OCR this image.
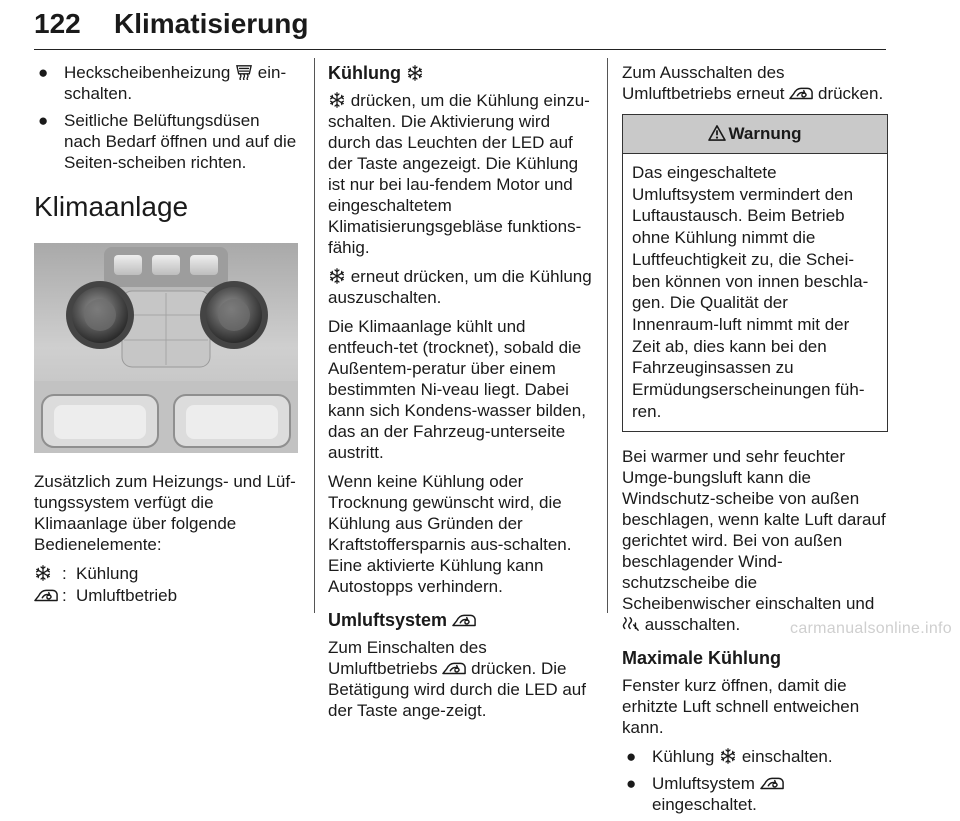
122 Klimatisierung
● Heckscheibenheizung  ein-schalten.
● Seitliche Belüftungsdüsen nach Bedarf öffnen und auf die Seiten-scheiben richten.
Klimaanlage

Zusätzlich zum Heizungs- und Lüf-tungssystem verfügt die Klimaanlage über folgende Bedienelemente:

: Kühlung
: Umluftbetrieb
Kühlung

drücken, um die Kühlung einzu-schalten. Die Aktivierung wird durch das Leuchten der LED auf der Taste angezeigt. Die Kühlung ist nur bei lau-fendem Motor und eingeschaltetem Klimatisierungsgebläse funktions-fähig.

erneut drücken, um die Kühlung auszuschalten.

Die Klimaanlage kühlt und entfeuch-tet (trocknet), sobald die Außentem-peratur über einem bestimmten Ni-veau liegt. Dabei kann sich Kondens-wasser bilden, das an der Fahrzeug-unterseite austritt.

Wenn keine Kühlung oder Trocknung gewünscht wird, die Kühlung aus Gründen der Kraftstoffersparnis aus-schalten. Eine aktivierte Kühlung kann Autostopps verhindern.

Umluftsystem

Zum Einschalten des Umluftbetriebs  drücken. Die Betätigung wird durch die LED auf der Taste ange-zeigt.

Zum Ausschalten des Umluftbetriebs erneut  drücken.

Warnung
Das eingeschaltete Umluftsystem vermindert den Luftaustausch. Beim Betrieb ohne Kühlung nimmt die Luftfeuchtigkeit zu, die Schei-ben können von innen beschla-gen. Die Qualität der Innenraum-luft nimmt mit der Zeit ab, dies kann bei den Fahrzeuginsassen zu Ermüdungserscheinungen füh-ren.

Bei warmer und sehr feuchter Umge-bungsluft kann die Windschutz-scheibe von außen beschlagen, wenn kalte Luft darauf gerichtet wird. Bei von außen beschlagender Wind-schutzscheibe die Scheibenwischer einschalten und  ausschalten.

Maximale Kühlung

Fenster kurz öffnen, damit die erhitzte Luft schnell entweichen kann.

● Kühlung  einschalten.
● Umluftsystem  eingeschaltet.
carmanualsonline.info
